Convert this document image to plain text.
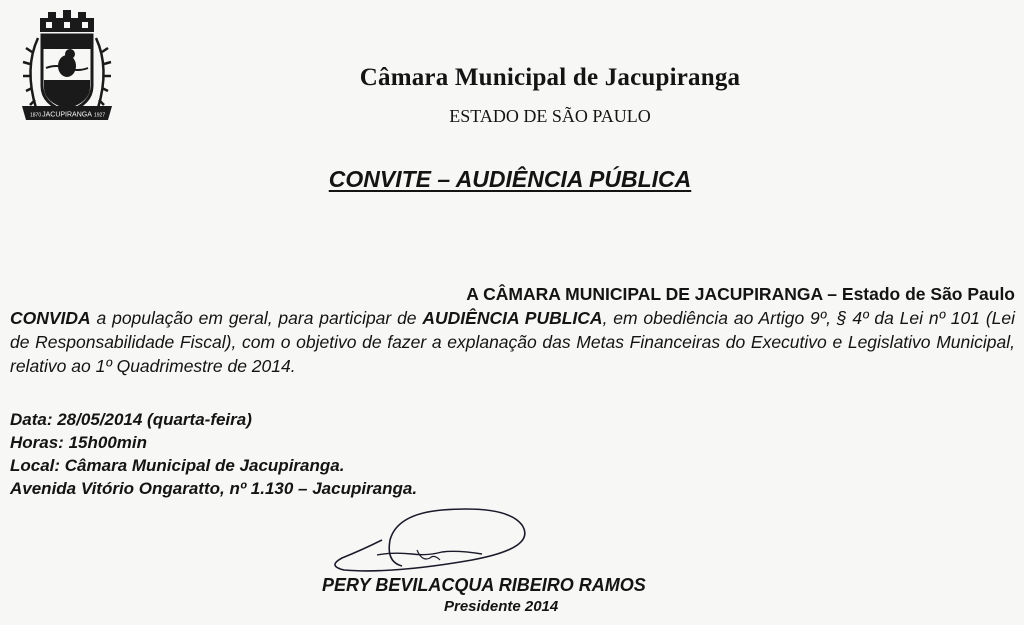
JACUPIRANGA
1870	1927
Câmara Municipal de Jacupiranga
ESTADO DE SÃO PAULO
CONVITE – AUDIÊNCIA PÚBLICA
A CÂMARA MUNICIPAL DE JACUPIRANGA – Estado de São Paulo
CONVIDA a população em geral, para participar de AUDIÊNCIA PUBLICA, em obediência ao Artigo 9º, § 4º da Lei nº 101 (Lei de Responsabilidade Fiscal), com o objetivo de fazer a explanação das Metas Financeiras do Executivo e Legislativo Municipal, relativo ao 1º Quadrimestre de 2014.
Data: 28/05/2014 (quarta-feira)
Horas: 15h00min
Local: Câmara Municipal de Jacupiranga.
Avenida Vitório Ongaratto, nº 1.130 – Jacupiranga.
PERY BEVILACQUA RIBEIRO RAMOS
Presidente 2014
